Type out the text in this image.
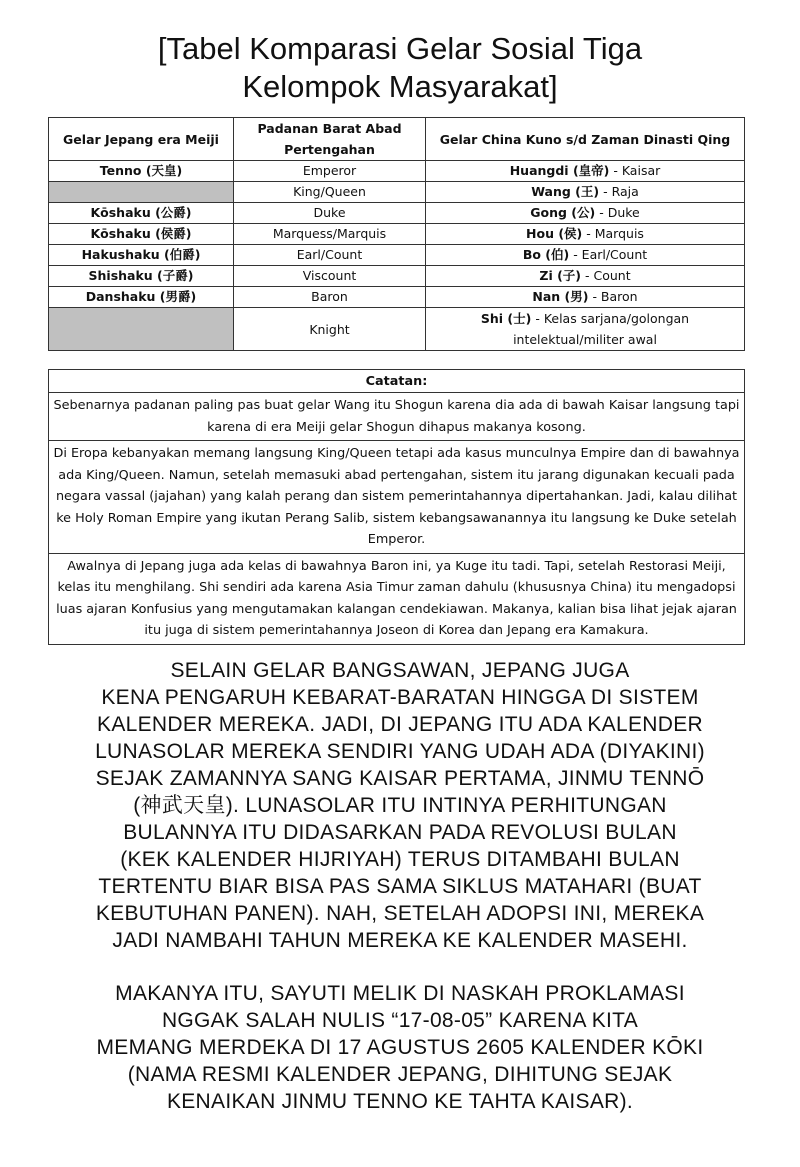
[Tabel Komparasi Gelar Sosial Tiga
Kelompok Masyarakat]
Gelar Jepang era Meiji	Padanan Barat Abad Pertengahan	Gelar China Kuno s/d Zaman Dinasti Qing
Tenno (天皇)	Emperor	Huangdi (皇帝) - Kaisar
	King/Queen	Wang (王) - Raja
Kōshaku (公爵)	Duke	Gong (公) - Duke
Kōshaku (侯爵)	Marquess/Marquis	Hou (侯) - Marquis
Hakushaku (伯爵)	Earl/Count	Bo (伯) - Earl/Count
Shishaku (子爵)	Viscount	Zi (子) - Count
Danshaku (男爵)	Baron	Nan (男) - Baron
	Knight	Shi (士) - Kelas sarjana/golongan intelektual/militer awal
Catatan:
Sebenarnya padanan paling pas buat gelar Wang itu Shogun karena dia ada di bawah Kaisar langsung tapi karena di era Meiji gelar Shogun dihapus makanya kosong.
Di Eropa kebanyakan memang langsung King/Queen tetapi ada kasus munculnya Empire dan di bawahnya ada King/Queen. Namun, setelah memasuki abad pertengahan, sistem itu jarang digunakan kecuali pada negara vassal (jajahan) yang kalah perang dan sistem pemerintahannya dipertahankan. Jadi, kalau dilihat ke Holy Roman Empire yang ikutan Perang Salib, sistem kebangsawanannya itu langsung ke Duke setelah Emperor.
Awalnya di Jepang juga ada kelas di bawahnya Baron ini, ya Kuge itu tadi. Tapi, setelah Restorasi Meiji, kelas itu menghilang. Shi sendiri ada karena Asia Timur zaman dahulu (khususnya China) itu mengadopsi luas ajaran Konfusius yang mengutamakan kalangan cendekiawan. Makanya, kalian bisa lihat jejak ajaran itu juga di sistem pemerintahannya Joseon di Korea dan Jepang era Kamakura.
SELAIN GELAR BANGSAWAN, JEPANG JUGA
KENA PENGARUH KEBARAT-BARATAN HINGGA DI SISTEM
KALENDER MEREKA. JADI, DI JEPANG ITU ADA KALENDER
LUNASOLAR MEREKA SENDIRI YANG UDAH ADA (DIYAKINI)
SEJAK ZAMANNYA SANG KAISAR PERTAMA, JINMU TENNŌ
(神武天皇). LUNASOLAR ITU INTINYA PERHITUNGAN
BULANNYA ITU DIDASARKAN PADA REVOLUSI BULAN
(KEK KALENDER HIJRIYAH) TERUS DITAMBAHI BULAN
TERTENTU BIAR BISA PAS SAMA SIKLUS MATAHARI (BUAT
KEBUTUHAN PANEN). NAH, SETELAH ADOPSI INI, MEREKA
JADI NAMBAHI TAHUN MEREKA KE KALENDER MASEHI.
MAKANYA ITU, SAYUTI MELIK DI NASKAH PROKLAMASI
NGGAK SALAH NULIS “17-08-05” KARENA KITA
MEMANG MERDEKA DI 17 AGUSTUS 2605 KALENDER KŌKI
(NAMA RESMI KALENDER JEPANG, DIHITUNG SEJAK
KENAIKAN JINMU TENNO KE TAHTA KAISAR).
